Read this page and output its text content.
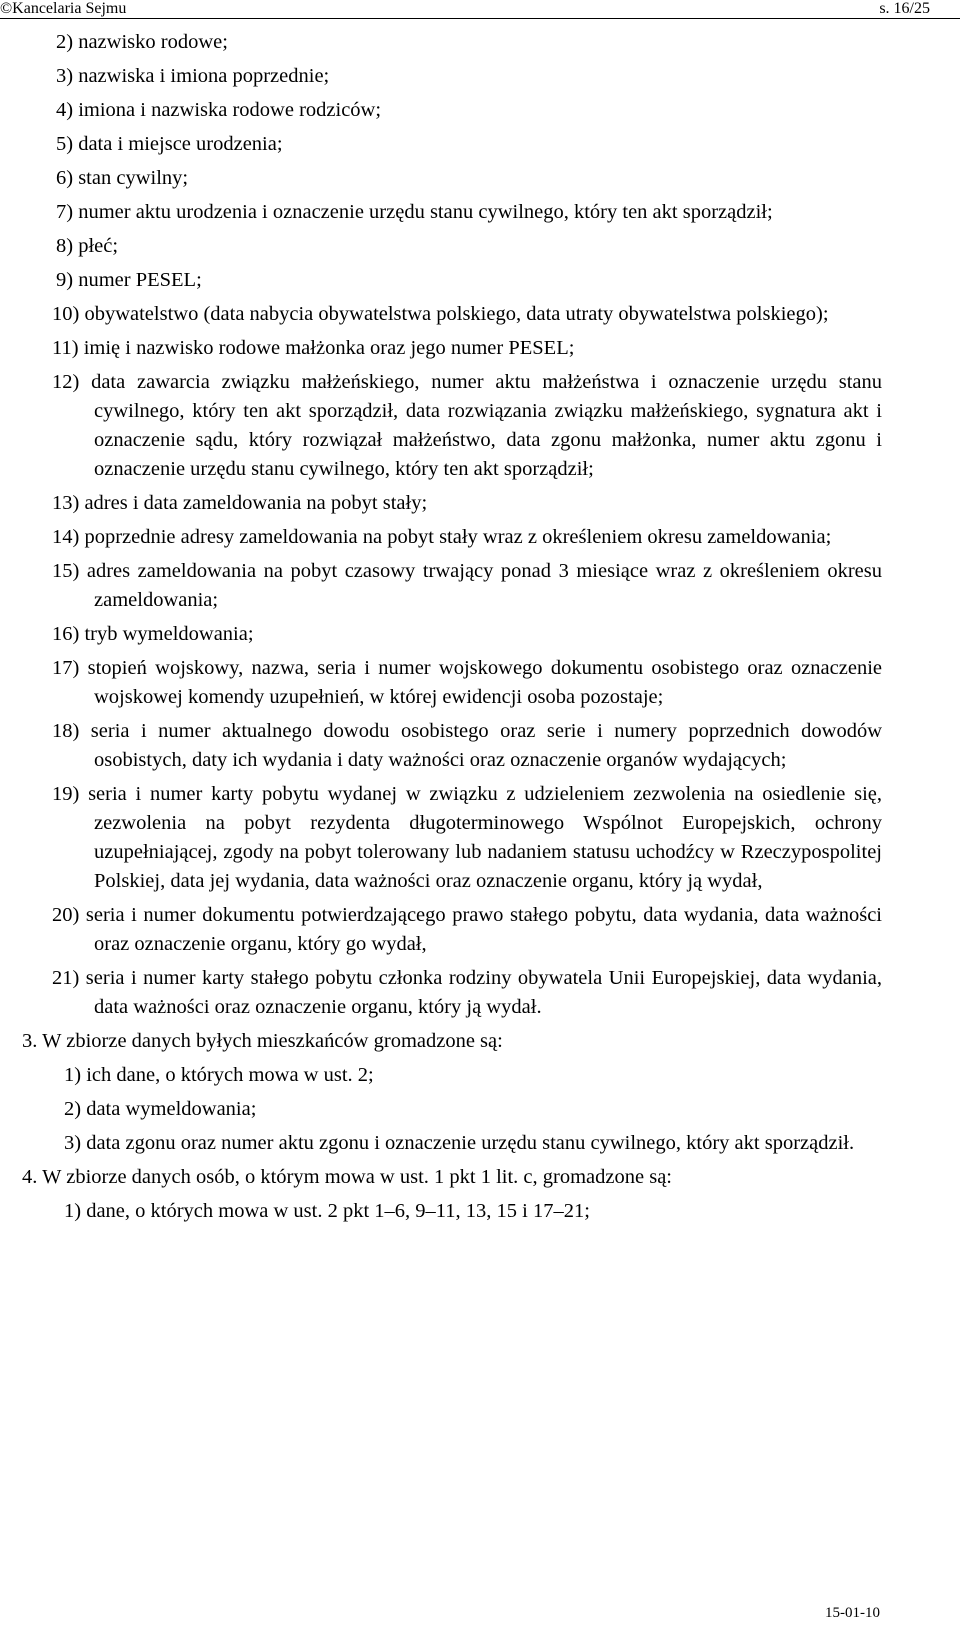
©Kancelaria Sejmu	s. 16/25
2) nazwisko rodowe;
3) nazwiska i imiona poprzednie;
4) imiona i nazwiska rodowe rodziców;
5) data i miejsce urodzenia;
6) stan cywilny;
7) numer aktu urodzenia i oznaczenie urzędu stanu cywilnego, który ten akt sporządził;
8) płeć;
9) numer PESEL;
10) obywatelstwo (data nabycia obywatelstwa polskiego, data utraty obywatelstwa polskiego);
11) imię i nazwisko rodowe małżonka oraz jego numer PESEL;
12) data zawarcia związku małżeńskiego, numer aktu małżeństwa i oznaczenie urzędu stanu cywilnego, który ten akt sporządził, data rozwiązania związku małżeńskiego, sygnatura akt i oznaczenie sądu, który rozwiązał małżeństwo, data zgonu małżonka, numer aktu zgonu i oznaczenie urzędu stanu cywilnego, który ten akt sporządził;
13) adres i data zameldowania na pobyt stały;
14) poprzednie adresy zameldowania na pobyt stały wraz z określeniem okresu zameldowania;
15) adres zameldowania na pobyt czasowy trwający ponad 3 miesiące wraz z określeniem okresu zameldowania;
16) tryb wymeldowania;
17) stopień wojskowy, nazwa, seria i numer wojskowego dokumentu osobistego oraz oznaczenie wojskowej komendy uzupełnień, w której ewidencji osoba pozostaje;
18) seria i numer aktualnego dowodu osobistego oraz serie i numery poprzednich dowodów osobistych, daty ich wydania i daty ważności oraz oznaczenie organów wydających;
19) seria i numer karty pobytu wydanej w związku z udzieleniem zezwolenia na osiedlenie się, zezwolenia na pobyt rezydenta długoterminowego Wspólnot Europejskich, ochrony uzupełniającej, zgody na pobyt tolerowany lub nadaniem statusu uchodźcy w Rzeczypospolitej Polskiej, data jej wydania, data ważności oraz oznaczenie organu, który ją wydał,
20) seria i numer dokumentu potwierdzającego prawo stałego pobytu, data wydania, data ważności oraz oznaczenie organu, który go wydał,
21) seria i numer karty stałego pobytu członka rodziny obywatela Unii Europejskiej, data wydania, data ważności oraz oznaczenie organu, który ją wydał.
3. W zbiorze danych byłych mieszkańców gromadzone są:
1) ich dane, o których mowa w ust. 2;
2) data wymeldowania;
3) data zgonu oraz numer aktu zgonu i oznaczenie urzędu stanu cywilnego, który akt sporządził.
4. W zbiorze danych osób, o którym mowa w ust. 1 pkt 1 lit. c, gromadzone są:
1) dane, o których mowa w ust. 2 pkt 1–6, 9–11, 13, 15 i 17–21;
15-01-10
